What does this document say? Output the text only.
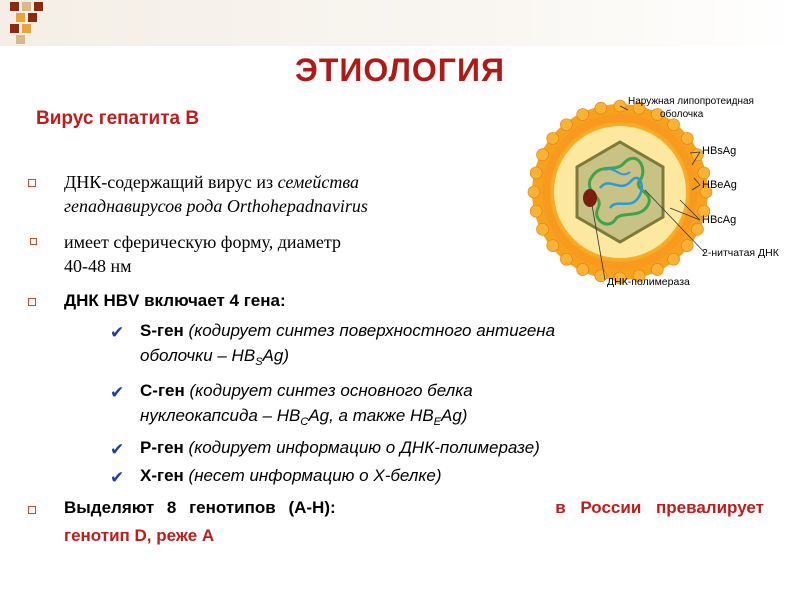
ЭТИОЛОГИЯ
Вирус гепатита В
ДНК-содержащий вирус из семейства
гепаднавирусов рода Orthohepadnavirus
имеет сферическую форму, диаметр
40-48 нм
ДНК HBV включает 4 гена:
✔ S-ген (кодирует синтез поверхностного антигена
оболочки – $HB_SAg$)
✔ С-ген (кодирует синтез основного белка
нуклеокапсида – $HB_CAg$, а также $HB_EAg$)
✔ Р-ген (кодирует информацию о ДНК-полимеразе)
✔ Х-ген (несет информацию о Х-белке)
Выделяют 8 генотипов (А-Н):	в России превалирует
генотип D, реже А
Наружная липопротеидная
оболочка
HBsAg
HBeAg
HBcAg
2-нитчатая ДНК
ДНК-полимераза
